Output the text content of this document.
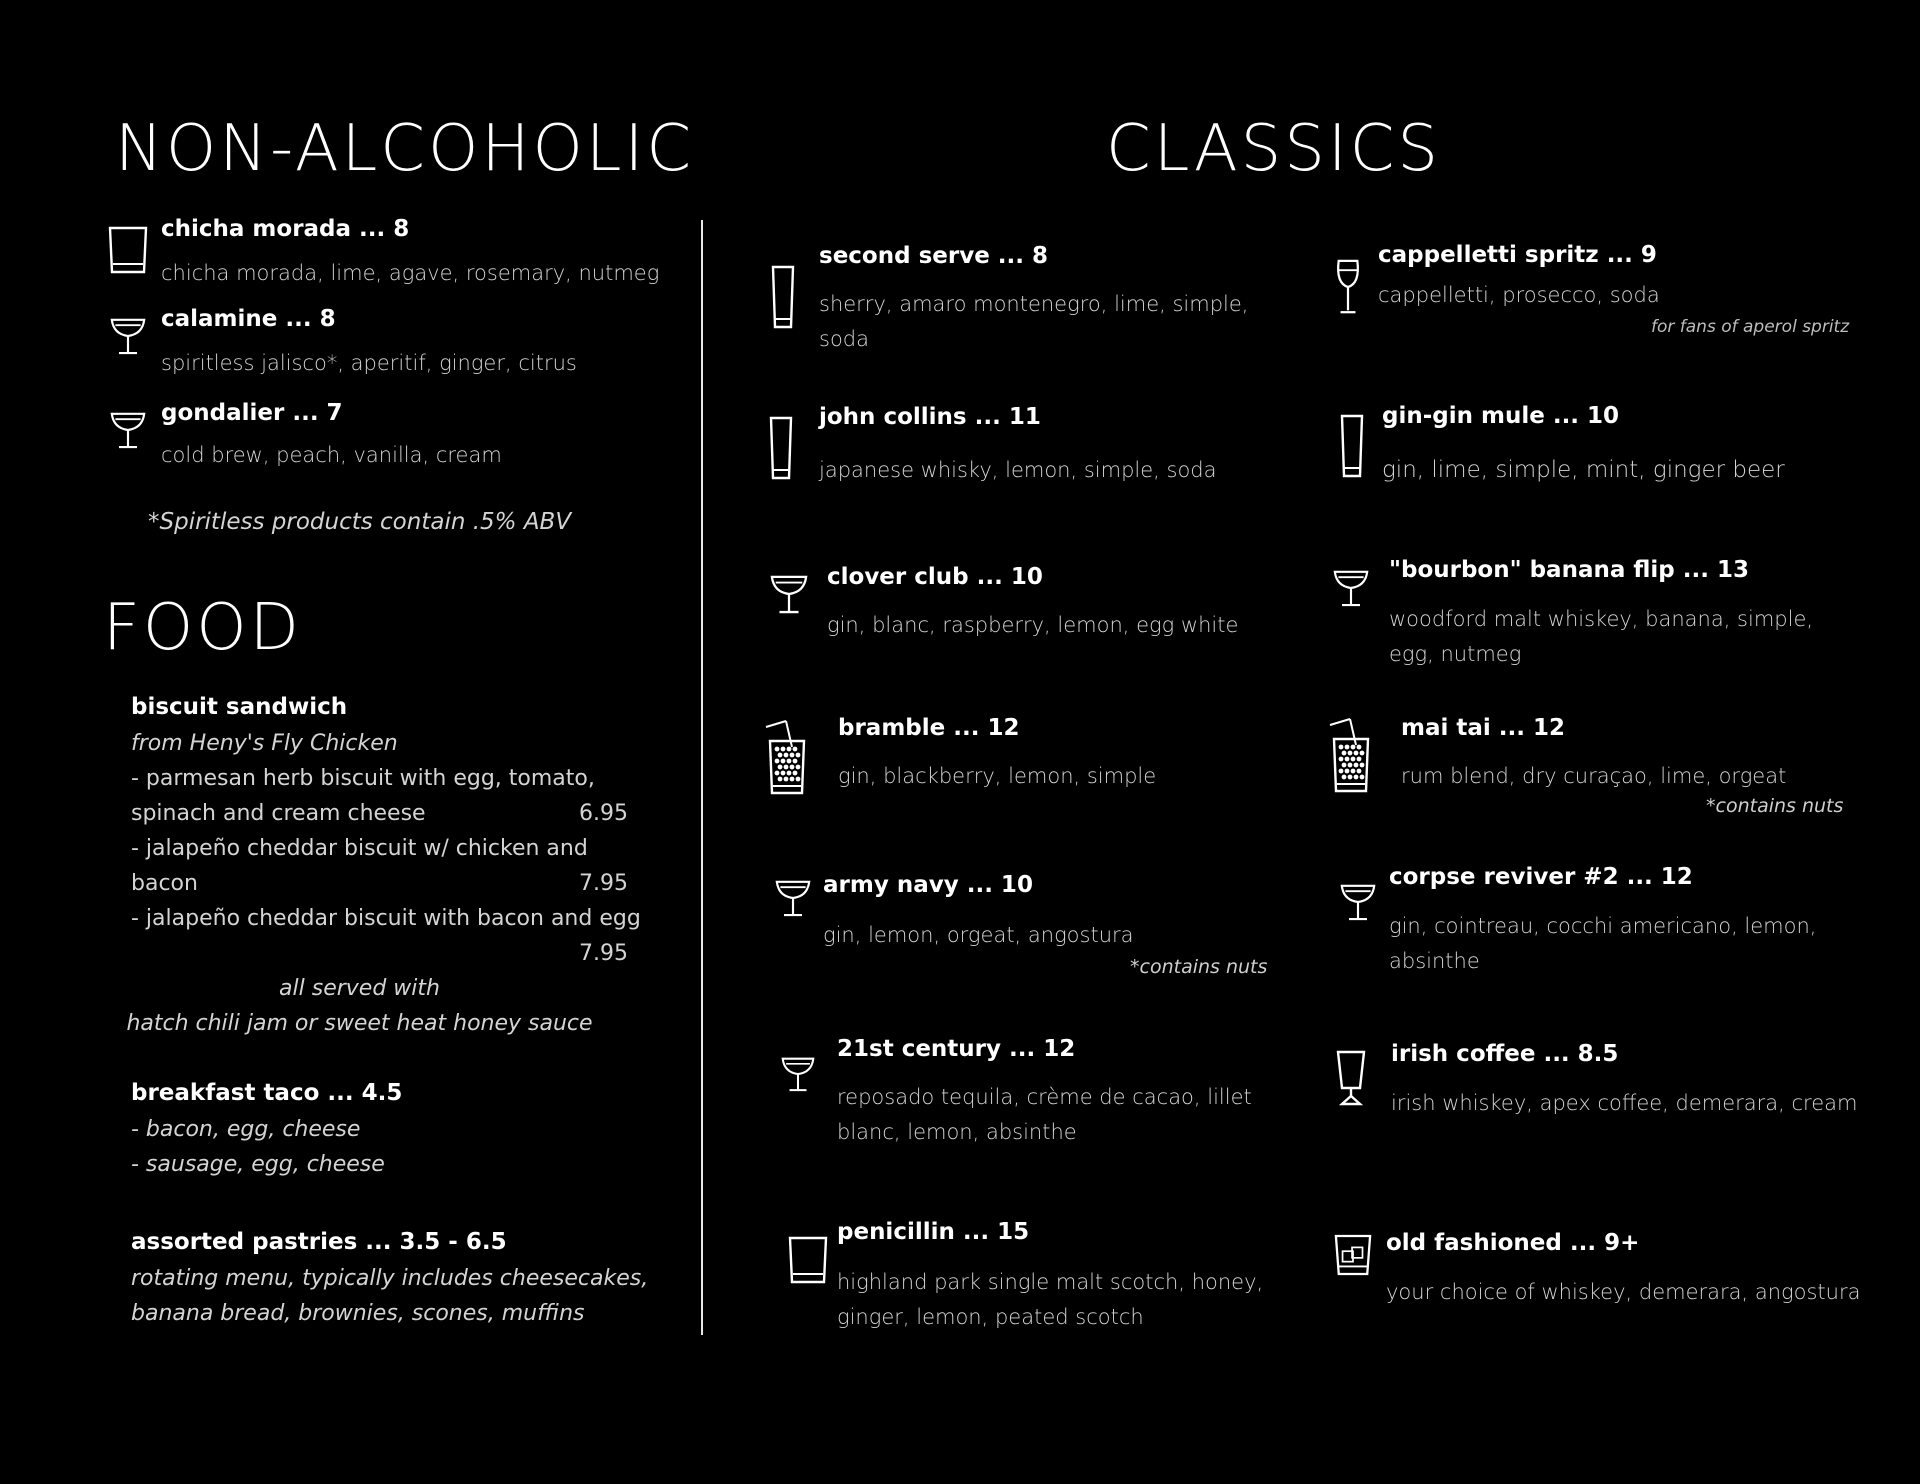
NON-ALCOHOLIC
chicha morada ... 8
chicha morada, lime, agave, rosemary, nutmeg
calamine ... 8
spiritless jalisco*, aperitif, ginger, citrus
gondalier ... 7
cold brew, peach, vanilla, cream
*Spiritless products contain .5% ABV
FOOD
biscuit sandwich
from Heny's Fly Chicken
- parmesan herb biscuit with egg, tomato,
spinach and cream cheese	6.95
- jalapeño cheddar biscuit w/ chicken and
bacon	7.95
- jalapeño cheddar biscuit with bacon and egg
7.95
all served with
hatch chili jam or sweet heat honey sauce
breakfast taco ... 4.5
- bacon, egg, cheese
- sausage, egg, cheese
assorted pastries ... 3.5 - 6.5
rotating menu, typically includes cheesecakes,
banana bread, brownies, scones, muffins
CLASSICS
second serve ... 8
sherry, amaro montenegro, lime, simple, soda
john collins ... 11
japanese whisky, lemon, simple, soda
clover club ... 10
gin, blanc, raspberry, lemon, egg white
bramble ... 12
gin, blackberry, lemon, simple
army navy ... 10
gin, lemon, orgeat, angostura
*contains nuts
21st century ... 12
reposado tequila, crème de cacao, lillet blanc, lemon, absinthe
penicillin ... 15
highland park single malt scotch, honey, ginger, lemon, peated scotch
cappelletti spritz ... 9
cappelletti, prosecco, soda
for fans of aperol spritz
gin-gin mule ... 10
gin, lime, simple, mint, ginger beer
"bourbon" banana flip ... 13
woodford malt whiskey, banana, simple, egg, nutmeg
mai tai ... 12
rum blend, dry curaçao, lime, orgeat
*contains nuts
corpse reviver #2 ... 12
gin, cointreau, cocchi americano, lemon, absinthe
irish coffee ... 8.5
irish whiskey, apex coffee, demerara, cream
old fashioned ... 9+
your choice of whiskey, demerara, angostura
